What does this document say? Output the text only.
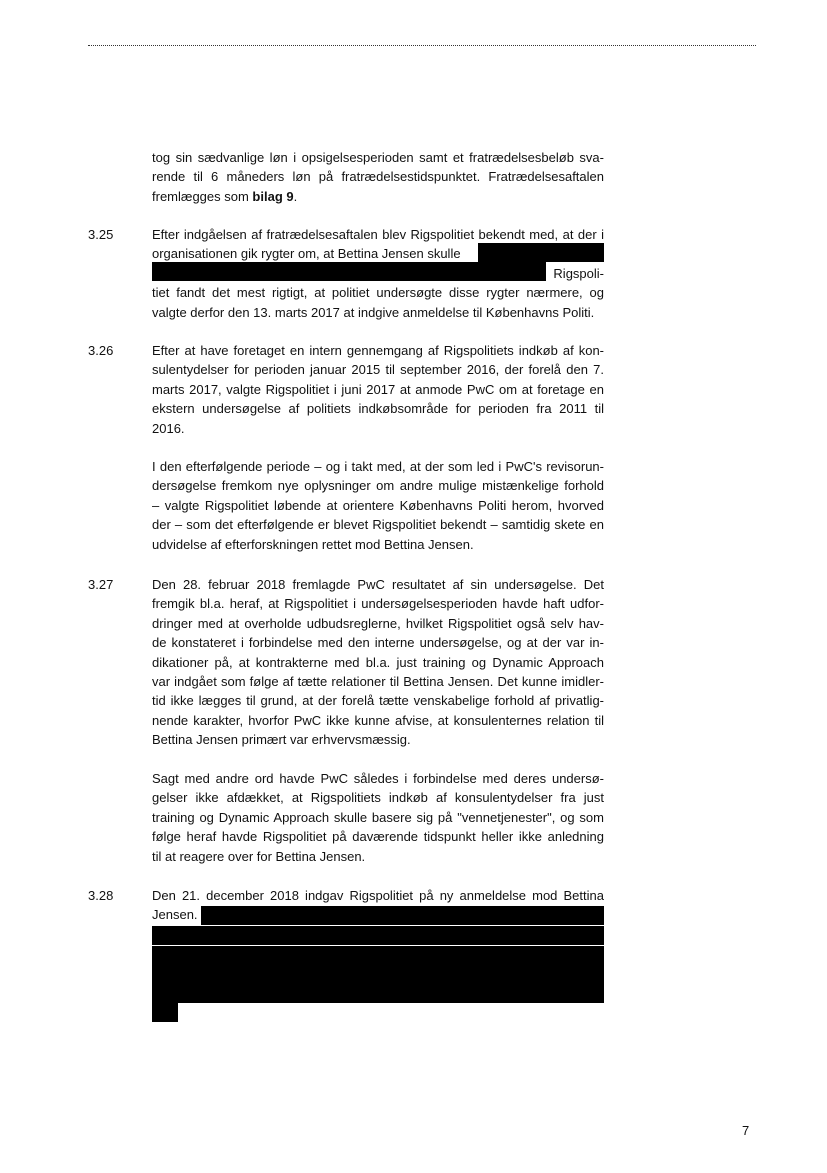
tog sin sædvanlige løn i opsigelsesperioden samt et fratrædelsesbeløb sva-
rende til 6 måneders løn på fratrædelsestidspunktet. Fratrædelsesaftalen
fremlægges som bilag 9.
3.25	Efter indgåelsen af fratrædelsesaftalen blev Rigspolitiet bekendt med, at der i
organisationen gik rygter om, at Bettina Jensen skulle
Rigspoli-
tiet fandt det mest rigtigt, at politiet undersøgte disse rygter nærmere, og
valgte derfor den 13. marts 2017 at indgive anmeldelse til Københavns Politi.
3.26	Efter at have foretaget en intern gennemgang af Rigspolitiets indkøb af kon-
sulentydelser for perioden januar 2015 til september 2016, der forelå den 7.
marts 2017, valgte Rigspolitiet i juni 2017 at anmode PwC om at foretage en
ekstern undersøgelse af politiets indkøbsområde for perioden fra 2011 til
2016.
I den efterfølgende periode – og i takt med, at der som led i PwC's revisorun-
dersøgelse fremkom nye oplysninger om andre mulige mistænkelige forhold
– valgte Rigspolitiet løbende at orientere Københavns Politi herom, hvorved
der – som det efterfølgende er blevet Rigspolitiet bekendt – samtidig skete en
udvidelse af efterforskningen rettet mod Bettina Jensen.
3.27	Den 28. februar 2018 fremlagde PwC resultatet af sin undersøgelse. Det
fremgik bl.a. heraf, at Rigspolitiet i undersøgelsesperioden havde haft udfor-
dringer med at overholde udbudsreglerne, hvilket Rigspolitiet også selv hav-
de konstateret i forbindelse med den interne undersøgelse, og at der var in-
dikationer på, at kontrakterne med bl.a. just training og Dynamic Approach
var indgået som følge af tætte relationer til Bettina Jensen. Det kunne imidler-
tid ikke lægges til grund, at der forelå tætte venskabelige forhold af privatlig-
nende karakter, hvorfor PwC ikke kunne afvise, at konsulenternes relation til
Bettina Jensen primært var erhvervsmæssig.
Sagt med andre ord havde PwC således i forbindelse med deres undersø-
gelser ikke afdækket, at Rigspolitiets indkøb af konsulentydelser fra just
training og Dynamic Approach skulle basere sig på "vennetjenester", og som
følge heraf havde Rigspolitiet på daværende tidspunkt heller ikke anledning
til at reagere over for Bettina Jensen.
3.28	Den 21. december 2018 indgav Rigspolitiet på ny anmeldelse mod Bettina
Jensen.
7
